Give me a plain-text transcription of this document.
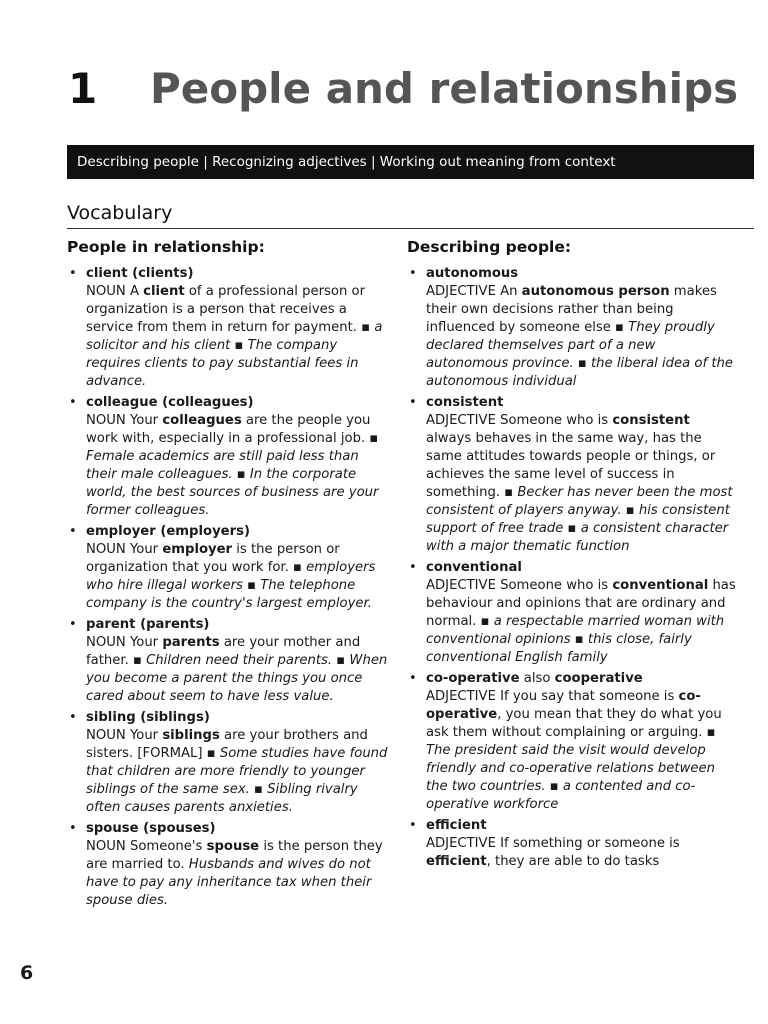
1	People and relationships
Describing people | Recognizing adjectives | Working out meaning from context
Vocabulary
People in relationship:
• client (clients)
NOUN A client of a professional person or organization is a person that receives a service from them in return for payment. ▪ a solicitor and his client ▪ The company requires clients to pay substantial fees in advance.
• colleague (colleagues)
NOUN Your colleagues are the people you work with, especially in a professional job. ▪ Female academics are still paid less than their male colleagues. ▪ In the corporate world, the best sources of business are your former colleagues.
• employer (employers)
NOUN Your employer is the person or organization that you work for. ▪ employers who hire illegal workers ▪ The telephone company is the country's largest employer.
• parent (parents)
NOUN Your parents are your mother and father. ▪ Children need their parents. ▪ When you become a parent the things you once cared about seem to have less value.
• sibling (siblings)
NOUN Your siblings are your brothers and sisters. [FORMAL] ▪ Some studies have found that children are more friendly to younger siblings of the same sex. ▪ Sibling rivalry often causes parents anxieties.
• spouse (spouses)
NOUN Someone's spouse is the person they are married to. Husbands and wives do not have to pay any inheritance tax when their spouse dies.
Describing people:
• autonomous
ADJECTIVE An autonomous person makes their own decisions rather than being influenced by someone else ▪ They proudly declared themselves part of a new autonomous province. ▪ the liberal idea of the autonomous individual
• consistent
ADJECTIVE Someone who is consistent always behaves in the same way, has the same attitudes towards people or things, or achieves the same level of success in something. ▪ Becker has never been the most consistent of players anyway. ▪ his consistent support of free trade ▪ a consistent character with a major thematic function
• conventional
ADJECTIVE Someone who is conventional has behaviour and opinions that are ordinary and normal. ▪ a respectable married woman with conventional opinions ▪ this close, fairly conventional English family
• co-operative also cooperative
ADJECTIVE If you say that someone is co-operative, you mean that they do what you ask them without complaining or arguing. ▪ The president said the visit would develop friendly and co-operative relations between the two countries. ▪ a contented and co-operative workforce
• efficient
ADJECTIVE If something or someone is efficient, they are able to do tasks
6
